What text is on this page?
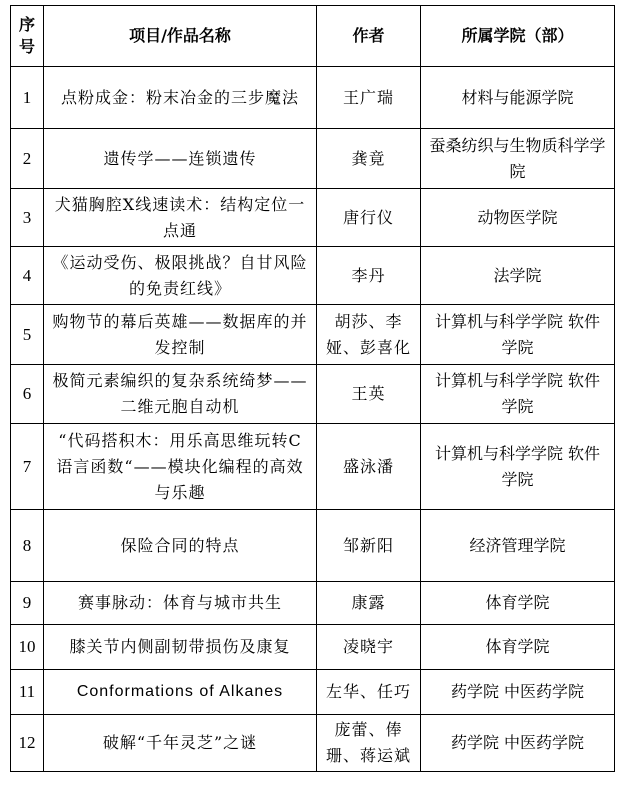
序
号	项目/作品名称	作者	所属学院（部）
1	点粉成金：粉末冶金的三步魔法	王广瑞	材料与能源学院
2	遗传学——连锁遗传	龚竟	蚕桑纺织与生物质科学学院
3	犬猫胸腔X线速读术：结构定位一点通	唐行仪	动物医学院
4	《运动受伤、极限挑战？自甘风险的免责红线》	李丹	法学院
5	购物节的幕后英雄——数据库的并发控制	胡莎、李娅、彭喜化	计算机与科学学院 软件学院
6	极简元素编织的复杂系统绮梦——二维元胞自动机	王英	计算机与科学学院 软件学院
7	“代码搭积木：用乐高思维玩转C语言函数“——模块化编程的高效与乐趣	盛泳潘	计算机与科学学院 软件学院
8	保险合同的特点	邹新阳	经济管理学院
9	赛事脉动：体育与城市共生	康露	体育学院
10	膝关节内侧副韧带损伤及康复	凌晓宇	体育学院
11	Conformations of Alkanes	左华、任巧	药学院 中医药学院
12	破解“千年灵芝”之谜	庞蕾、俸珊、蒋运斌	药学院 中医药学院
